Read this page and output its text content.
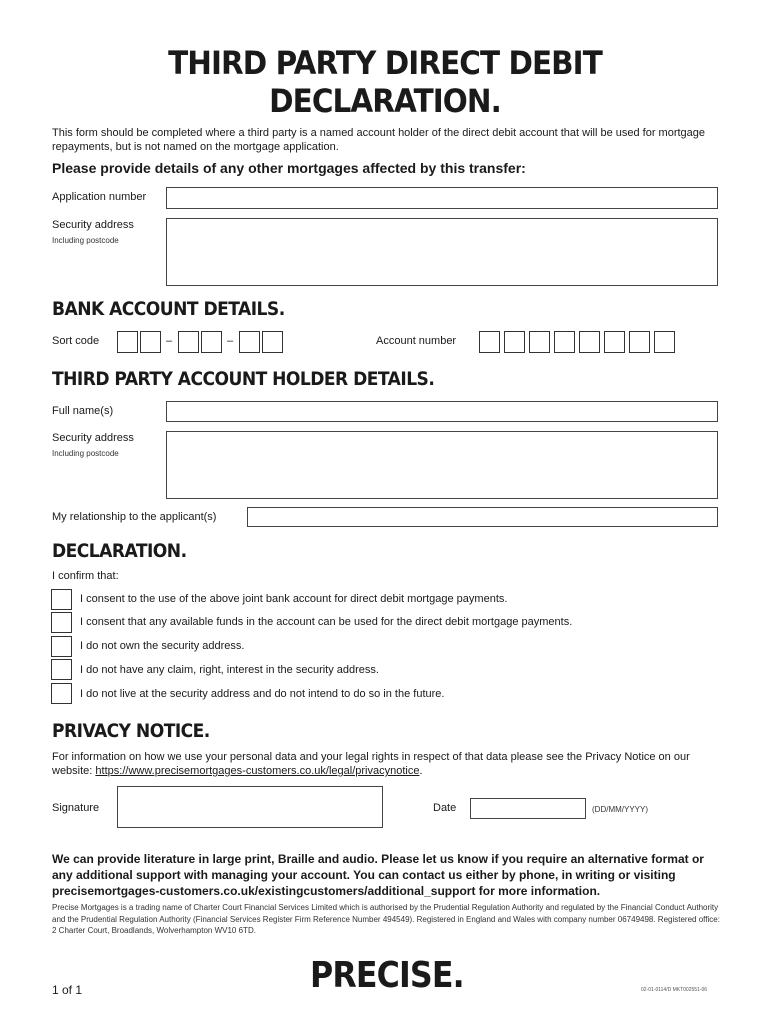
THIRD PARTY DIRECT DEBIT
DECLARATION.
This form should be completed where a third party is a named account holder of the direct debit account that will be used for mortgage repayments, but is not named on the mortgage application.
Please provide details of any other mortgages affected by this transfer:
Application number
Security address
Including postcode
BANK ACCOUNT DETAILS.
Sort code	–	–	Account number
THIRD PARTY ACCOUNT HOLDER DETAILS.
Full name(s)
Security address
Including postcode
My relationship to the applicant(s)
DECLARATION.
I confirm that:
I consent to the use of the above joint bank account for direct debit mortgage payments.
I consent that any available funds in the account can be used for the direct debit mortgage payments.
I do not own the security address.
I do not have any claim, right, interest in the security address.
I do not live at the security address and do not intend to do so in the future.
PRIVACY NOTICE.
For information on how we use your personal data and your legal rights in respect of that data please see the Privacy Notice on our website: https://www.precisemortgages-customers.co.uk/legal/privacynotice.
Signature	Date	(DD/MM/YYYY)
We can provide literature in large print, Braille and audio. Please let us know if you require an alternative format or any additional support with managing your account. You can contact us either by phone, in writing or visiting precisemortgages-customers.co.uk/existingcustomers/additional_support for more information.
Precise Mortgages is a trading name of Charter Court Financial Services Limited which is authorised by the Prudential Regulation Authority and regulated by the Financial Conduct Authority and the Prudential Regulation Authority (Financial Services Register Firm Reference Number 494549). Registered in England and Wales with company number 06749498. Registered office: 2 Charter Court, Broadlands, Wolverhampton WV10 6TD.
PRECISE.
1 of 1	02-01-0114/D MKT002551-06
